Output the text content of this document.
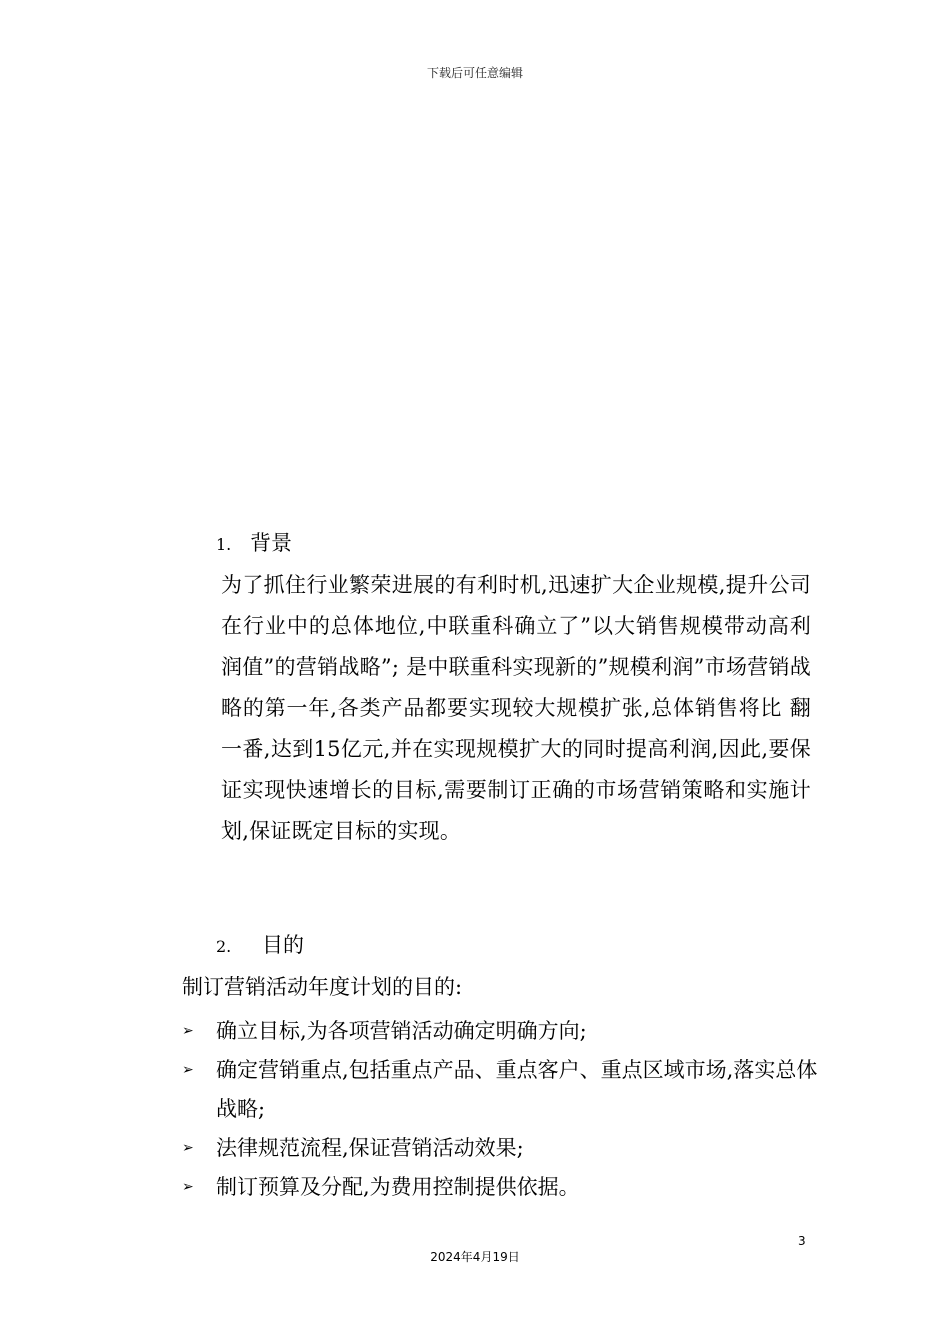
下载后可任意编辑
1. 背景
为了抓住行业繁荣进展的有利时机,迅速扩大企业规模,提升公司在行业中的总体地位,中联重科确立了”以大销售规模带动高利润值”的营销战略”; 是中联重科实现新的”规模利润”市场营销战略的第一年,各类产品都要实现较大规模扩张,总体销售将比 翻一番,达到15亿元,并在实现规模扩大的同时提高利润,因此,要保证实现快速增长的目标,需要制订正确的市场营销策略和实施计划,保证既定目标的实现。
2. 目的
制订营销活动年度计划的目的:
➢	确立目标,为各项营销活动确定明确方向;
➢	确定营销重点,包括重点产品、重点客户、重点区域市场,落实总体战略;
➢	法律规范流程,保证营销活动效果;
➢	制订预算及分配,为费用控制提供依据。
3
2024年4月19日
